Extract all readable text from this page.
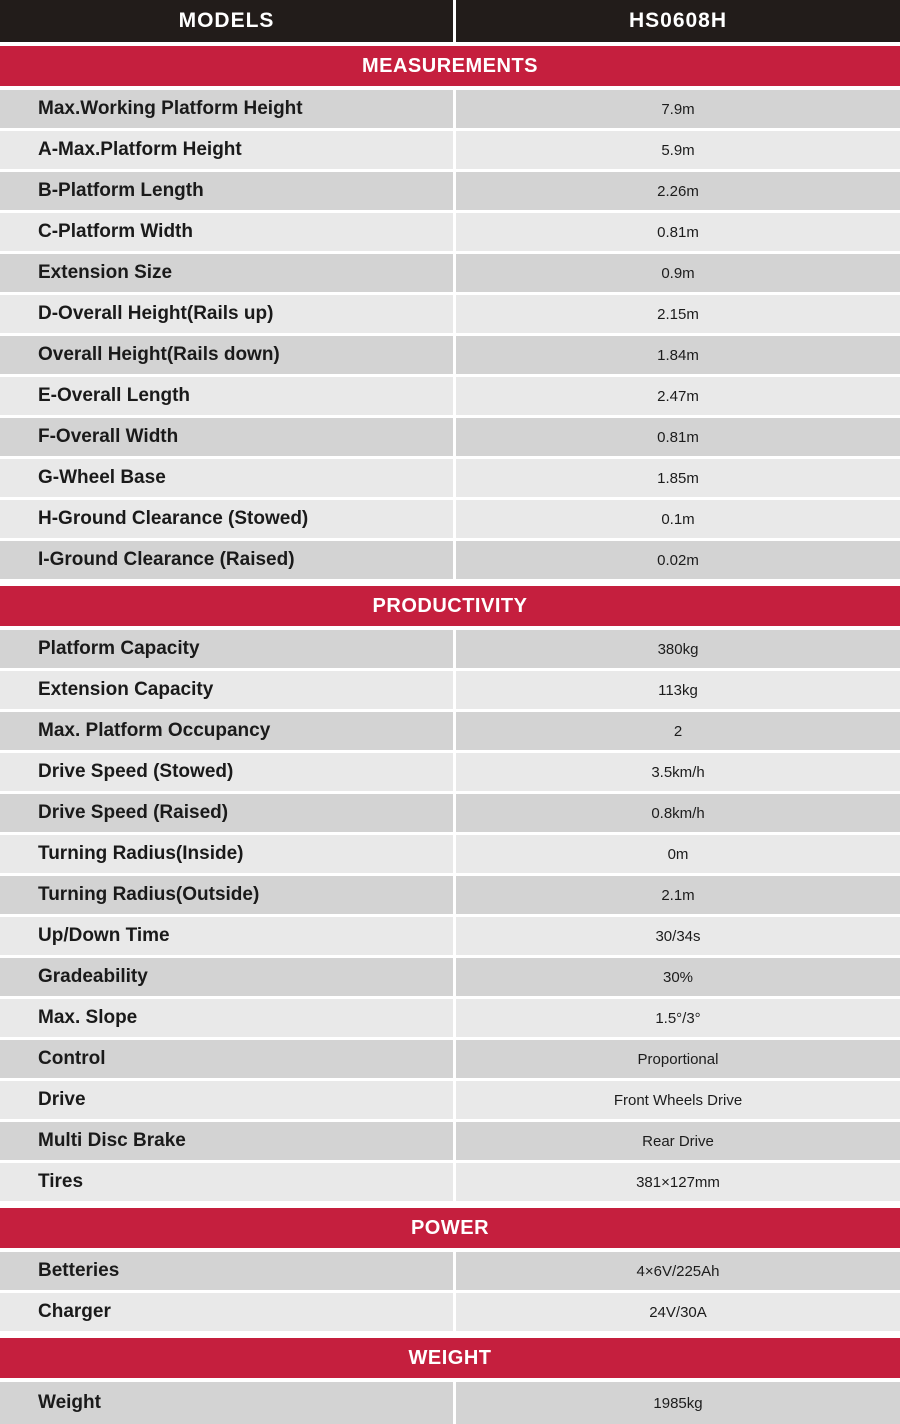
MODELS	HS0608H
MEASUREMENTS
Max.Working Platform Height	7.9m
A-Max.Platform Height	5.9m
B-Platform Length	2.26m
C-Platform Width	0.81m
Extension Size	0.9m
D-Overall Height(Rails up)	2.15m
Overall Height(Rails down)	1.84m
E-Overall Length	2.47m
F-Overall Width	0.81m
G-Wheel Base	1.85m
H-Ground Clearance (Stowed)	0.1m
I-Ground Clearance (Raised)	0.02m
PRODUCTIVITY
Platform Capacity	380kg
Extension Capacity	113kg
Max. Platform Occupancy	2
Drive Speed (Stowed)	3.5km/h
Drive Speed (Raised)	0.8km/h
Turning Radius(Inside)	0m
Turning Radius(Outside)	2.1m
Up/Down Time	30/34s
Gradeability	30%
Max. Slope	1.5°/3°
Control	Proportional
Drive	Front Wheels Drive
Multi Disc Brake	Rear Drive
Tires	381×127mm
POWER
Betteries	4×6V/225Ah
Charger	24V/30A
WEIGHT
Weight	1985kg
